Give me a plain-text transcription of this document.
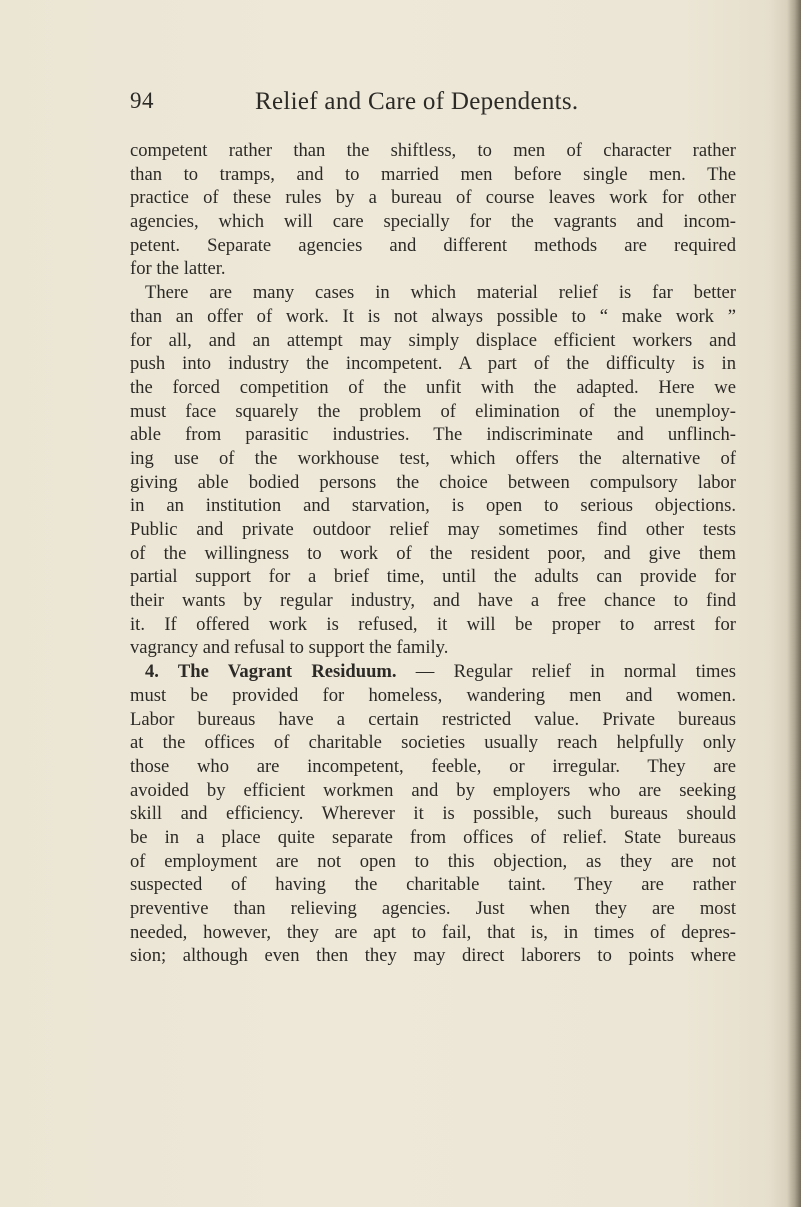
94	Relief and Care of Dependents.
competent rather than the shiftless, to men of character rather
than to tramps, and to married men before single men. The
practice of these rules by a bureau of course leaves work for other
agencies, which will care specially for the vagrants and incom-
petent. Separate agencies and different methods are required
for the latter.
There are many cases in which material relief is far better
than an offer of work. It is not always possible to “ make work ”
for all, and an attempt may simply displace efficient workers and
push into industry the incompetent. A part of the difficulty is in
the forced competition of the unfit with the adapted. Here we
must face squarely the problem of elimination of the unemploy-
able from parasitic industries. The indiscriminate and unflinch-
ing use of the workhouse test, which offers the alternative of
giving able bodied persons the choice between compulsory labor
in an institution and starvation, is open to serious objections.
Public and private outdoor relief may sometimes find other tests
of the willingness to work of the resident poor, and give them
partial support for a brief time, until the adults can provide for
their wants by regular industry, and have a free chance to find
it. If offered work is refused, it will be proper to arrest for
vagrancy and refusal to support the family.
4. The Vagrant Residuum. — Regular relief in normal times
must be provided for homeless, wandering men and women.
Labor bureaus have a certain restricted value. Private bureaus
at the offices of charitable societies usually reach helpfully only
those who are incompetent, feeble, or irregular. They are
avoided by efficient workmen and by employers who are seeking
skill and efficiency. Wherever it is possible, such bureaus should
be in a place quite separate from offices of relief. State bureaus
of employment are not open to this objection, as they are not
suspected of having the charitable taint. They are rather
preventive than relieving agencies. Just when they are most
needed, however, they are apt to fail, that is, in times of depres-
sion; although even then they may direct laborers to points where
